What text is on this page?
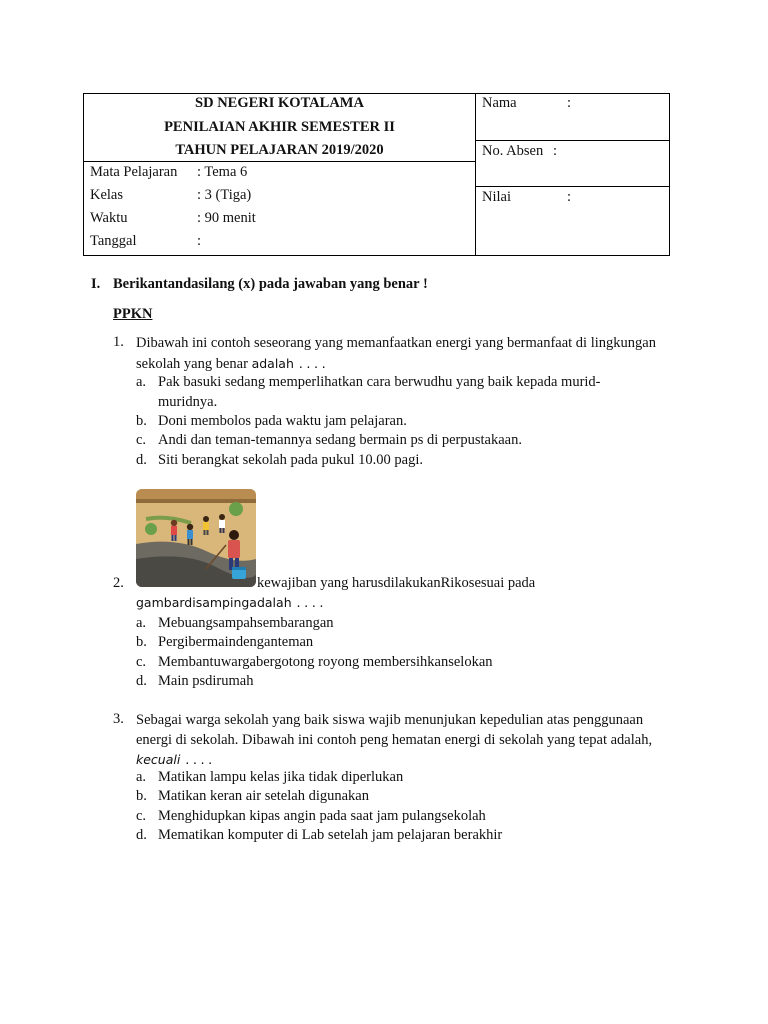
SD NEGERI KOTALAMA
PENILAIAN AKHIR SEMESTER II
TAHUN PELAJARAN 2019/2020
Mata Pelajaran : Tema 6
Kelas	: 3 (Tiga)
Waktu	: 90 menit
Tanggal	:
Nama	:
No. Absen :
Nilai	:
I. Berikantandasilang (x) pada jawaban yang benar !
PPKN
1. Dibawah ini contoh seseorang yang memanfaatkan energi yang bermanfaat di lingkungan sekolah yang benar adalah ....
a. Pak basuki sedang memperlihatkan cara berwudhu yang baik kepada murid-muridnya.
b. Doni membolos pada waktu jam pelajaran.
c. Andi dan teman-temannya sedang bermain ps di perpustakaan.
d. Siti berangkat sekolah pada pukul 10.00 pagi.
2.	kewajiban yang harusdilakukanRikosesuai pada
gambardisampingadalah ....
a. Mebuangsampahsembarangan
b. Pergibermaindenganteman
c. Membantuwargabergotong royong membersihkanselokan
d. Main psdirumah
3. Sebagai warga sekolah yang baik siswa wajib menunjukan kepedulian atas penggunaan energi di sekolah. Dibawah ini contoh peng hematan energi di sekolah yang tepat adalah, kecuali ....
a. Matikan lampu kelas jika tidak diperlukan
b. Matikan keran air setelah digunakan
c. Menghidupkan kipas angin pada saat jam pulangsekolah
d. Mematikan komputer di Lab setelah jam pelajaran berakhir
